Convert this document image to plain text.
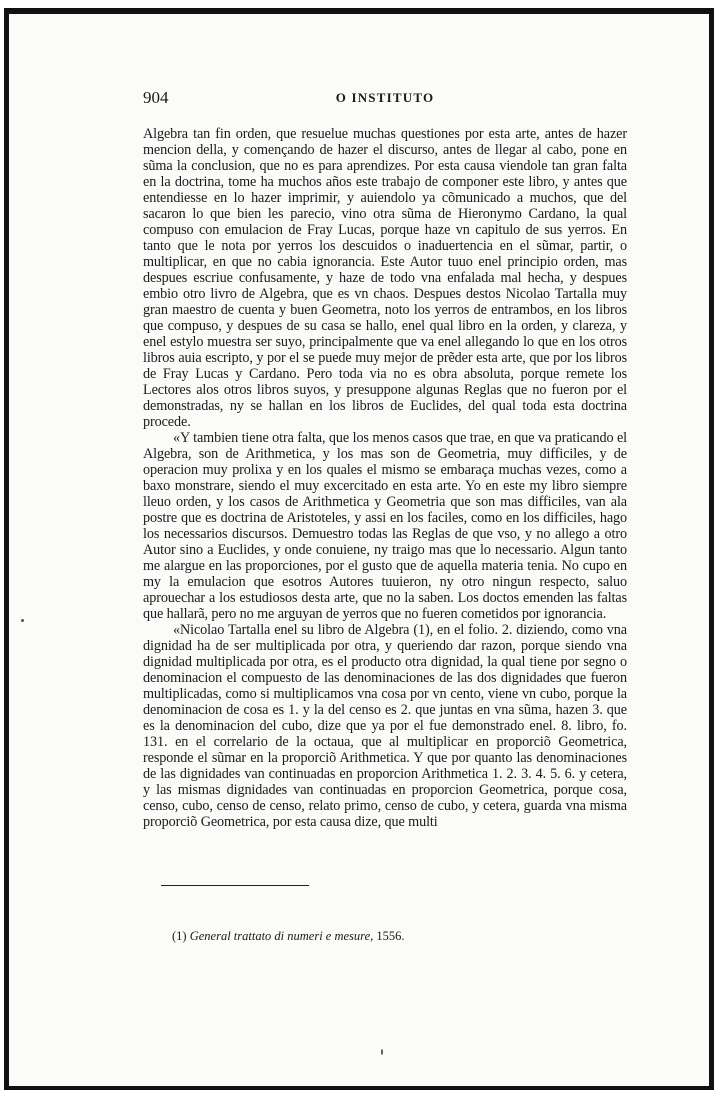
904	O INSTITUTO

Algebra tan fin orden, que resuelue muchas questiones por esta arte, antes de hazer mencion della, y començando de hazer el discurso, antes de llegar al cabo, pone en sũma la conclusion, que no es para aprendizes. Por esta causa viendole tan gran falta en la doctrina, tome ha muchos años este trabajo de componer este libro, y antes que entendiesse en lo hazer imprimir, y auiendolo ya cõmunicado a muchos, que del sacaron lo que bien les parecio, vino otra sũma de Hieronymo Cardano, la qual compuso con emulacion de Fray Lucas, porque haze vn capitulo de sus yerros. En tanto que le nota por yerros los descuidos o inaduertencia en el sũmar, partir, o multiplicar, en que no cabia ignorancia. Este Autor tuuo enel principio orden, mas despues escriue confusamente, y haze de todo vna enfalada mal hecha, y despues embio otro livro de Algebra, que es vn chaos. Despues destos Nicolao Tartalla muy gran maestro de cuenta y buen Geometra, noto los yerros de entrambos, en los libros que compuso, y despues de su casa se hallo, enel qual libro en la orden, y clareza, y enel estylo muestra ser suyo, principalmente que va enel allegando lo que en los otros libros auia escripto, y por el se puede muy mejor de prẽder esta arte, que por los libros de Fray Lucas y Cardano. Pero toda via no es obra absoluta, porque remete los Lectores alos otros libros suyos, y presuppone algunas Reglas que no fueron por el demonstradas, ny se hallan en los libros de Euclides, del qual toda esta doctrina procede.

«Y tambien tiene otra falta, que los menos casos que trae, en que va praticando el Algebra, son de Arithmetica, y los mas son de Geometria, muy difficiles, y de operacion muy prolixa y en los quales el mismo se embaraça muchas vezes, como a baxo monstrare, siendo el muy excercitado en esta arte. Yo en este my libro siempre lleuo orden, y los casos de Arithmetica y Geometria que son mas difficiles, van ala postre que es doctrina de Aristoteles, y assi en los faciles, como en los difficiles, hago los necessarios discursos. Demuestro todas las Reglas de que vso, y no allego a otro Autor sino a Euclides, y onde conuiene, ny traigo mas que lo necessario. Algun tanto me alargue en las proporciones, por el gusto que de aquella materia tenia. No cupo en my la emulacion que esotros Autores tuuieron, ny otro ningun respecto, saluo aprouechar a los estudiosos desta arte, que no la saben. Los doctos emenden las faltas que hallarã, pero no me arguyan de yerros que no fueren cometidos por ignorancia.

«Nicolao Tartalla enel su libro de Algebra (1), en el folio. 2. diziendo, como vna dignidad ha de ser multiplicada por otra, y queriendo dar razon, porque siendo vna dignidad multiplicada por otra, es el producto otra dignidad, la qual tiene por segno o denominacion el compuesto de las denominaciones de las dos dignidades que fueron multiplicadas, como si multiplicamos vna cosa por vn cento, viene vn cubo, porque la denominacion de cosa es 1. y la del censo es 2. que juntas en vna sũma, hazen 3. que es la denominacion del cubo, dize que ya por el fue demonstrado enel. 8. libro, fo. 131. en el correlario de la octaua, que al multiplicar en proporciõ Geometrica, responde el sũmar en la proporciõ Arithmetica. Y que por quanto las denominaciones de las dignidades van continuadas en proporcion Arithmetica 1. 2. 3. 4. 5. 6. y cetera, y las mismas dignidades van continuadas en proporcion Geometrica, porque cosa, censo, cubo, censo de censo, relato primo, censo de cubo, y cetera, guarda vna misma proporciõ Geometrica, por esta causa dize, que multi

(1) General trattato di numeri e mesure, 1556.
